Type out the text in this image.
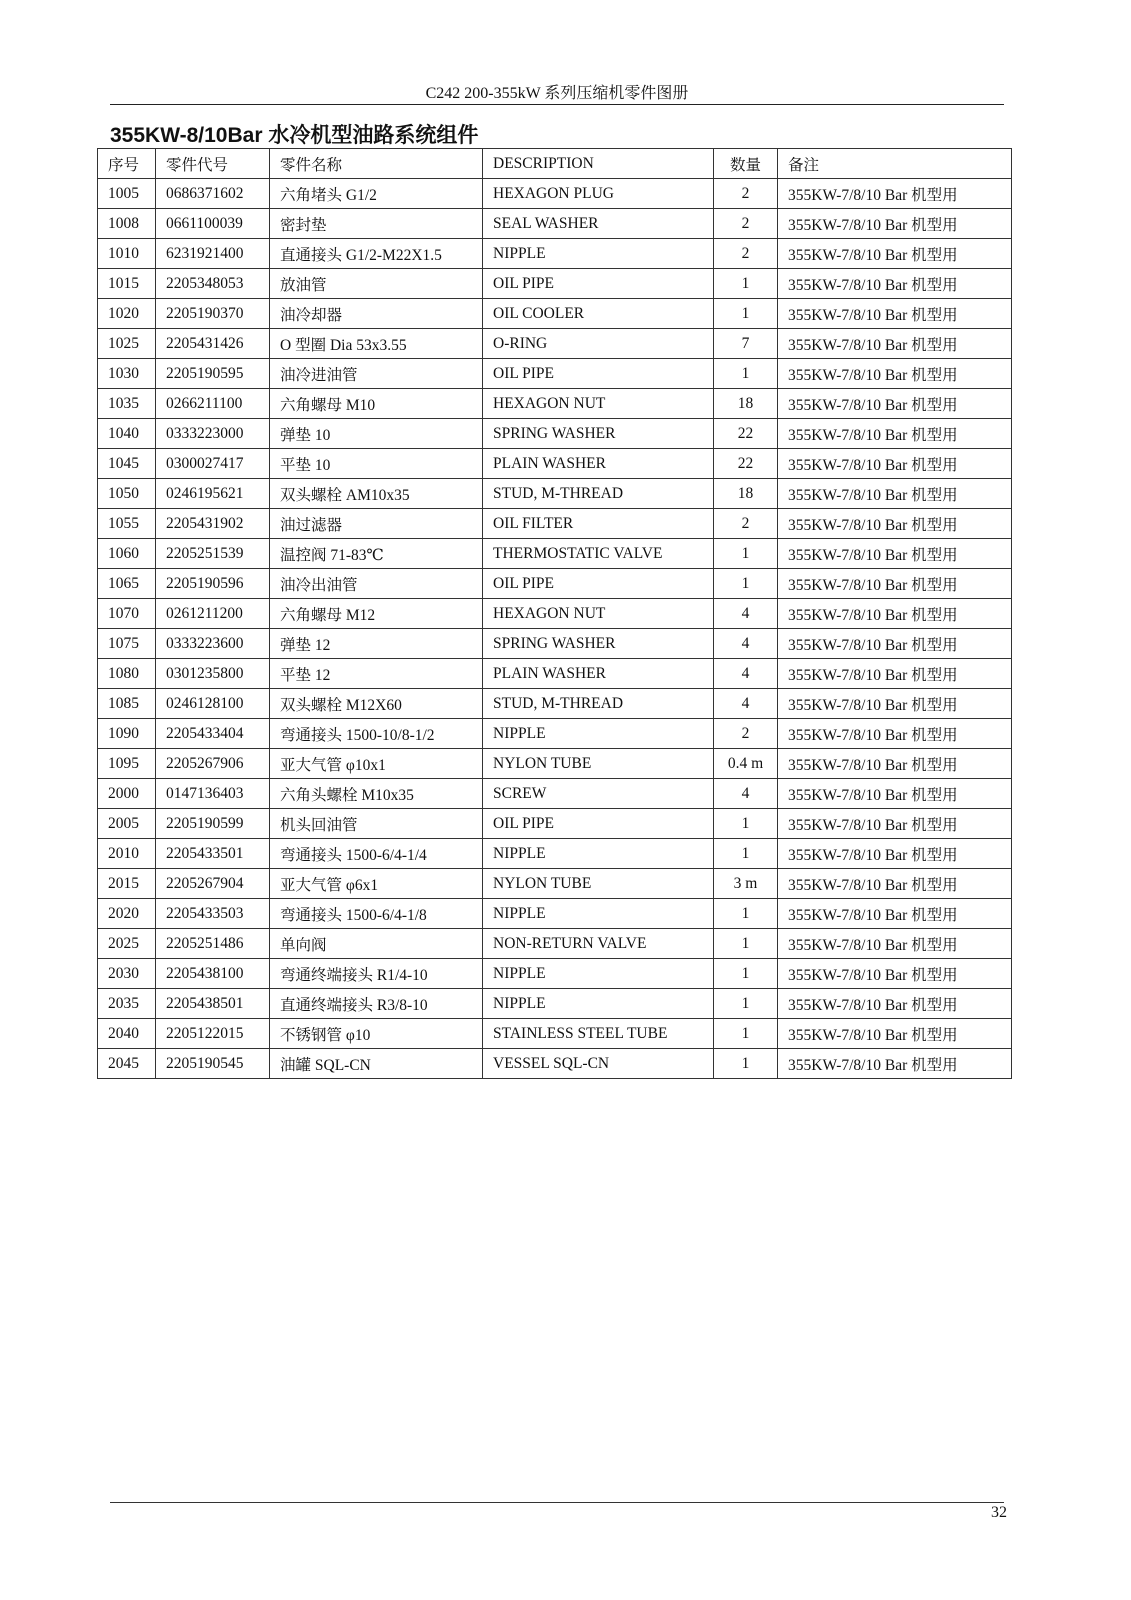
C242 200-355kW 系列压缩机零件图册
355KW-8/10Bar 水冷机型油路系统组件
序号	零件代号	零件名称	DESCRIPTION	数量	备注
1005	0686371602	六角堵头 G1/2	HEXAGON PLUG	2	355KW-7/8/10 Bar 机型用
1008	0661100039	密封垫	SEAL WASHER	2	355KW-7/8/10 Bar 机型用
1010	6231921400	直通接头 G1/2-M22X1.5	NIPPLE	2	355KW-7/8/10 Bar 机型用
1015	2205348053	放油管	OIL PIPE	1	355KW-7/8/10 Bar 机型用
1020	2205190370	油冷却器	OIL COOLER	1	355KW-7/8/10 Bar 机型用
1025	2205431426	O 型圈 Dia 53x3.55	O-RING	7	355KW-7/8/10 Bar 机型用
1030	2205190595	油冷进油管	OIL PIPE	1	355KW-7/8/10 Bar 机型用
1035	0266211100	六角螺母 M10	HEXAGON NUT	18	355KW-7/8/10 Bar 机型用
1040	0333223000	弹垫 10	SPRING WASHER	22	355KW-7/8/10 Bar 机型用
1045	0300027417	平垫 10	PLAIN WASHER	22	355KW-7/8/10 Bar 机型用
1050	0246195621	双头螺栓 AM10x35	STUD, M-THREAD	18	355KW-7/8/10 Bar 机型用
1055	2205431902	油过滤器	OIL FILTER	2	355KW-7/8/10 Bar 机型用
1060	2205251539	温控阀 71-83℃	THERMOSTATIC VALVE	1	355KW-7/8/10 Bar 机型用
1065	2205190596	油冷出油管	OIL PIPE	1	355KW-7/8/10 Bar 机型用
1070	0261211200	六角螺母 M12	HEXAGON NUT	4	355KW-7/8/10 Bar 机型用
1075	0333223600	弹垫 12	SPRING WASHER	4	355KW-7/8/10 Bar 机型用
1080	0301235800	平垫 12	PLAIN WASHER	4	355KW-7/8/10 Bar 机型用
1085	0246128100	双头螺栓 M12X60	STUD, M-THREAD	4	355KW-7/8/10 Bar 机型用
1090	2205433404	弯通接头 1500-10/8-1/2	NIPPLE	2	355KW-7/8/10 Bar 机型用
1095	2205267906	亚大气管 φ10x1	NYLON TUBE	0.4 m	355KW-7/8/10 Bar 机型用
2000	0147136403	六角头螺栓 M10x35	SCREW	4	355KW-7/8/10 Bar 机型用
2005	2205190599	机头回油管	OIL PIPE	1	355KW-7/8/10 Bar 机型用
2010	2205433501	弯通接头 1500-6/4-1/4	NIPPLE	1	355KW-7/8/10 Bar 机型用
2015	2205267904	亚大气管 φ6x1	NYLON TUBE	3 m	355KW-7/8/10 Bar 机型用
2020	2205433503	弯通接头 1500-6/4-1/8	NIPPLE	1	355KW-7/8/10 Bar 机型用
2025	2205251486	单向阀	NON-RETURN VALVE	1	355KW-7/8/10 Bar 机型用
2030	2205438100	弯通终端接头 R1/4-10	NIPPLE	1	355KW-7/8/10 Bar 机型用
2035	2205438501	直通终端接头 R3/8-10	NIPPLE	1	355KW-7/8/10 Bar 机型用
2040	2205122015	不锈钢管 φ10	STAINLESS STEEL TUBE	1	355KW-7/8/10 Bar 机型用
2045	2205190545	油罐 SQL-CN	VESSEL SQL-CN	1	355KW-7/8/10 Bar 机型用
32
